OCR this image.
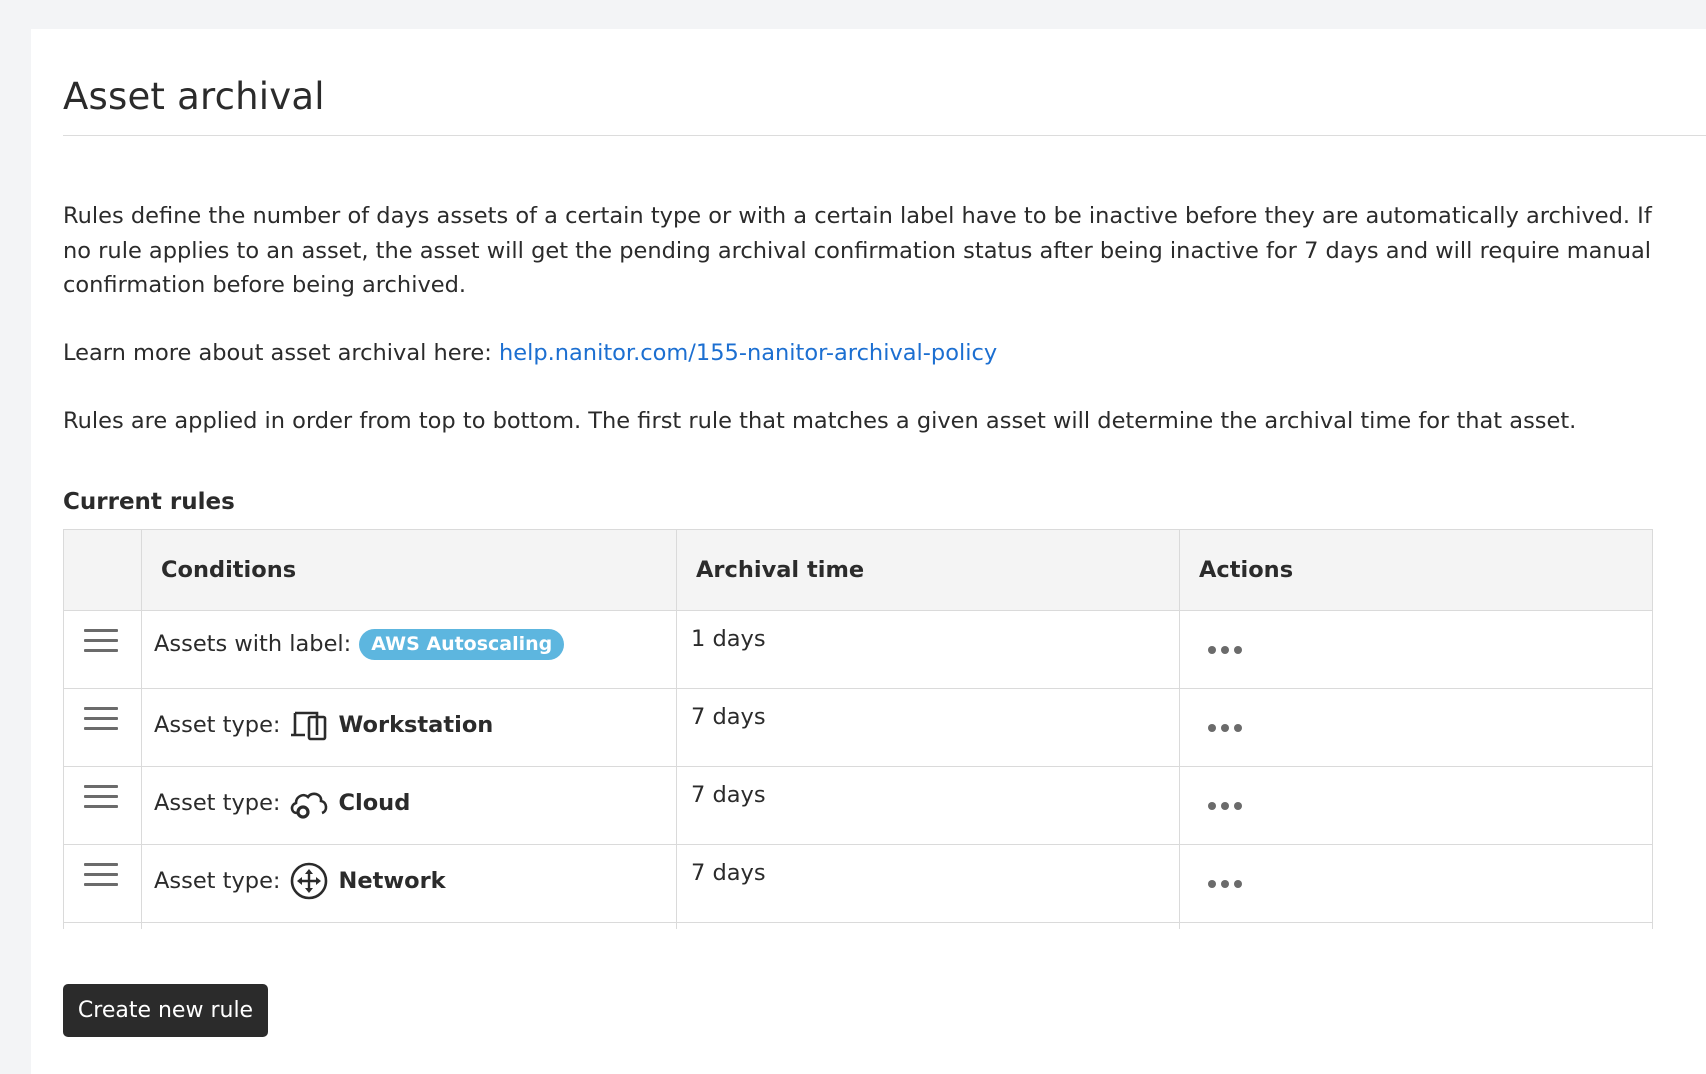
Asset archival

Rules define the number of days assets of a certain type or with a certain label have to be inactive before they are automatically archived. If no rule applies to an asset, the asset will get the pending archival confirmation status after being inactive for 7 days and will require manual confirmation before being archived.

Learn more about asset archival here: help.nanitor.com/155-nanitor-archival-policy

Rules are applied in order from top to bottom. The first rule that matches a given asset will determine the archival time for that asset.

Current rules
	Conditions	Archival time	Actions

	Assets with label: AWS Autoscaling	1 days	

	Asset type: Workstation	7 days	

	Asset type: Cloud	7 days	

	Asset type: Network	7 days	

Create new rule
